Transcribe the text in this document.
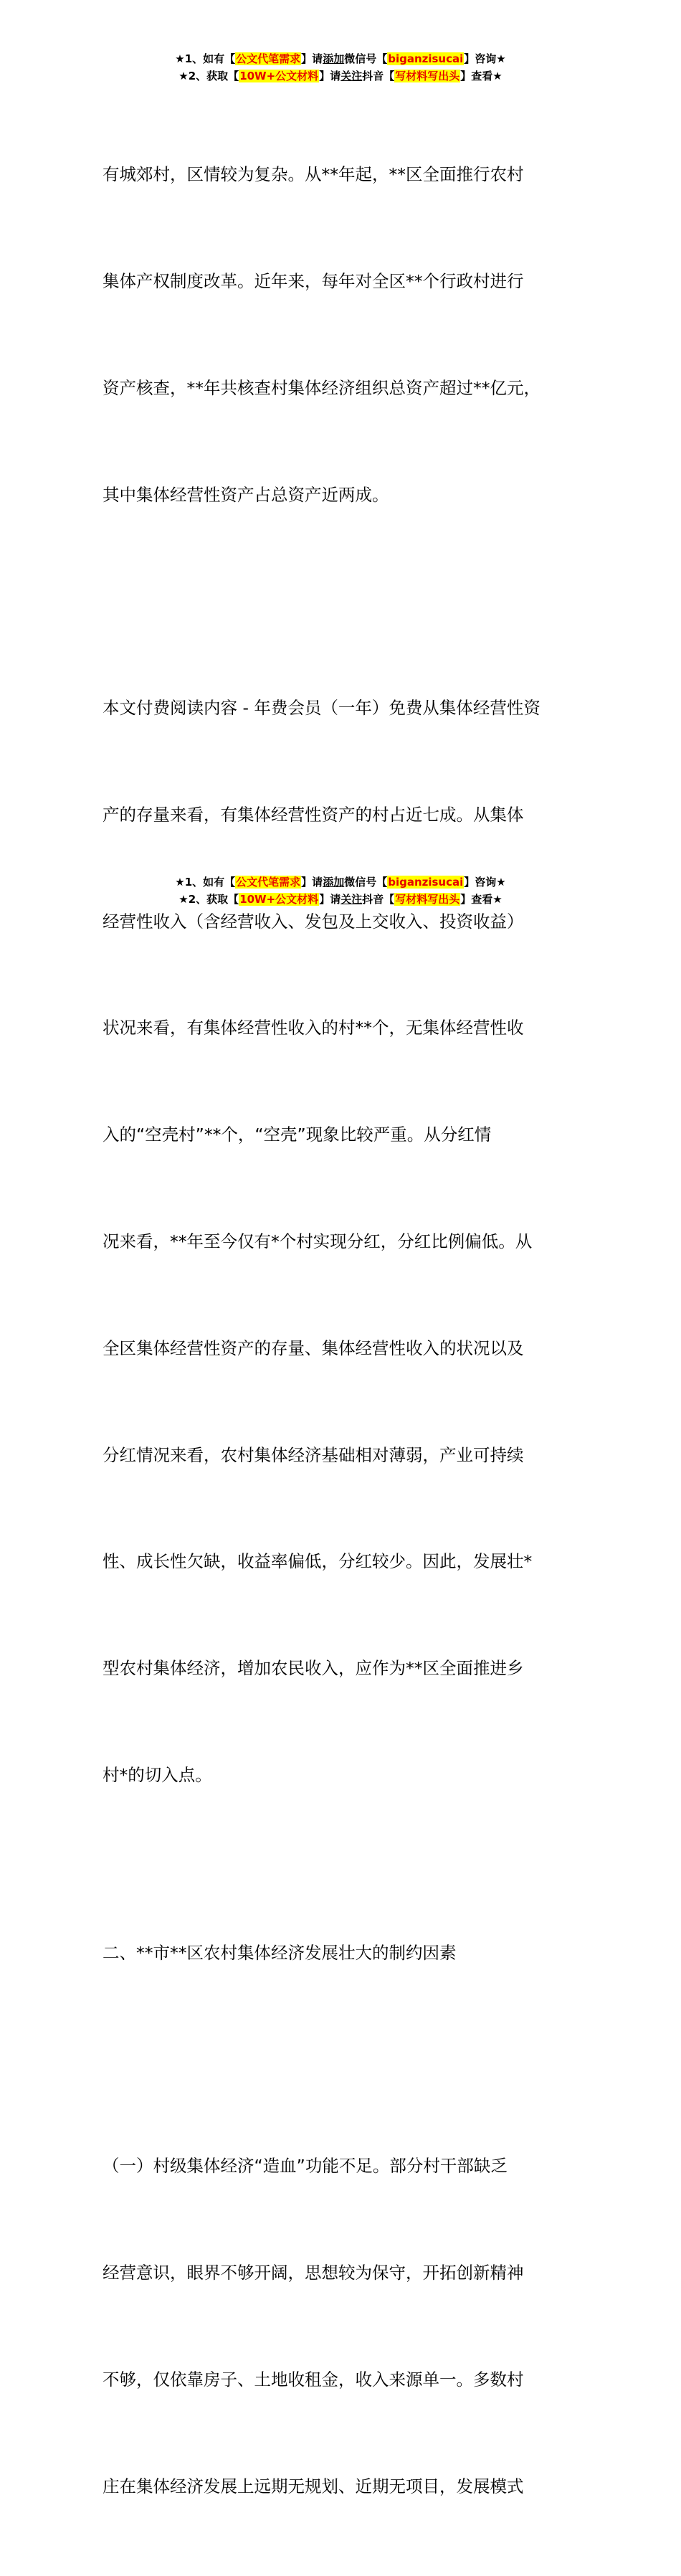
★1、如有【公文代笔需求】请添加微信号【biganzisucai】咨询★
★2、获取【10W+公文材料】请关注抖音【写材料写出头】查看★

有城郊村，区情较为复杂。从**年起，**区全面推行农村

集体产权制度改革。近年来，每年对全区**个行政村进行

资产核查，**年共核查村集体经济组织总资产超过**亿元，

其中集体经营性资产占总资产近两成。

本文付费阅读内容 - 年费会员（一年）免费从集体经营性资

产的存量来看，有集体经营性资产的村占近七成。从集体

经营性收入（含经营收入、发包及上交收入、投资收益）

状况来看，有集体经营性收入的村**个，无集体经营性收

入的“空壳村”**个，“空壳”现象比较严重。从分红情

况来看，**年至今仅有*个村实现分红，分红比例偏低。从

全区集体经营性资产的存量、集体经营性收入的状况以及

分红情况来看，农村集体经济基础相对薄弱，产业可持续

性、成长性欠缺，收益率偏低，分红较少。因此，发展壮*

型农村集体经济，增加农民收入，应作为**区全面推进乡

村*的切入点。

二、**市**区农村集体经济发展壮大的制约因素

（一）村级集体经济“造血”功能不足。部分村干部缺乏

经营意识，眼界不够开阔，思想较为保守，开拓创新精神

不够，仅依靠房子、土地收租金，收入来源单一。多数村

庄在集体经济发展上远期无规划、近期无项目，发展模式

★1、如有【公文代笔需求】请添加微信号【biganzisucai】咨询★
★2、获取【10W+公文材料】请关注抖音【写材料写出头】查看★
